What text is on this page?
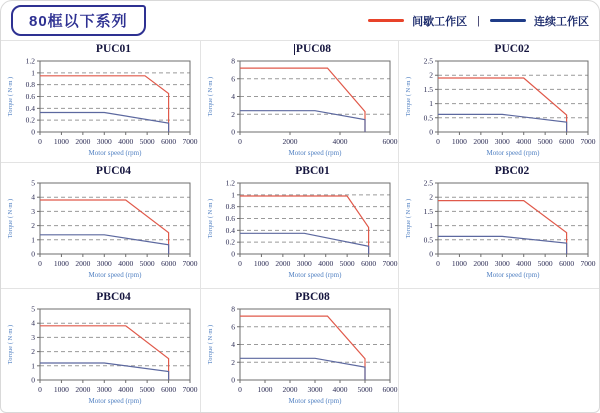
80框以下系列	间歇工作区 |	连续工作区
PUC01
0
0.2
0.4
0.6
0.8
1
1.2
0 1000 2000 3000 4000 5000 6000 7000
Motor speed (rpm)
Torque ( N·m )
PUC08
0
2
4
6
8
0	2000	4000	6000
Motor speed (rpm)
Torque ( N·m )
PUC02
0
0.5
1
1.5
2
2.5
0 1000 2000 3000 4000 5000 6000 7000
Motor speed (rpm)
Torque ( N·m )
PUC04
0
1
2
3
4
5
0 1000 2000 3000 4000 5000 6000 7000
Motor speed (rpm)
Torque ( N·m )
PBC01
0
0.2
0.4
0.6
0.8
1
1.2
0 1000 2000 3000 4000 5000 6000 7000
Motor speed (rpm)
Torque ( N·m )
PBC02
0
0.5
1
1.5
2
2.5
0 1000 2000 3000 4000 5000 6000 7000
Motor speed (rpm)
Torque ( N·m )
PBC04
0
1
2
3
4
5
0 1000 2000 3000 4000 5000 6000 7000
Motor speed (rpm)
Torque ( N·m )
PBC08
0
2
4
6
8
0 1000 2000 3000 4000 5000 6000
Motor speed (rpm)
Torque ( N·m )
